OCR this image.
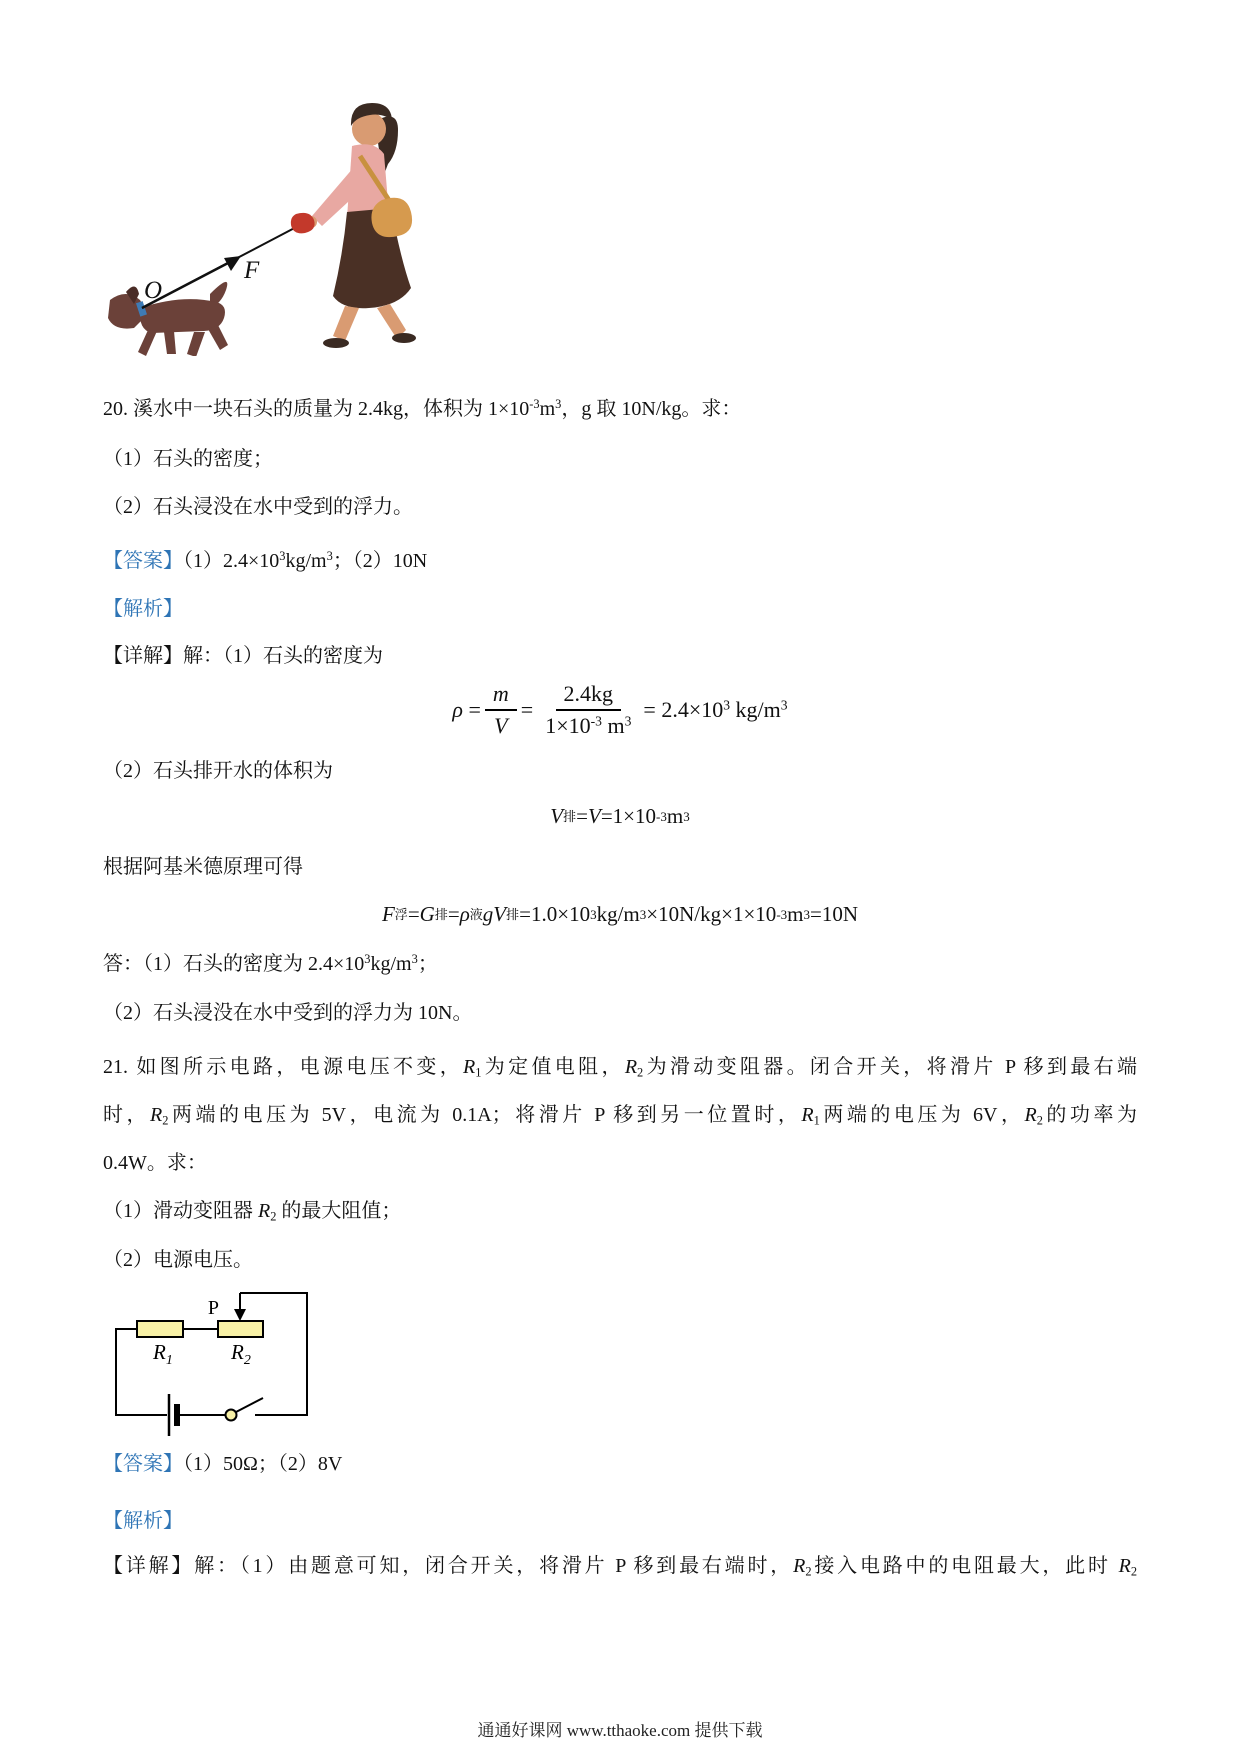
O
F
20. 溪水中一块石头的质量为 2.4kg，体积为 $1\times 10^{-3}m^3$，g 取 10N/kg。求：
（1）石头的密度；
（2）石头浸没在水中受到的浮力。
【答案】$(1)2.4\times 10^3kg/m^3$；（2）10N
【解析】
【详解】解：（1）石头的密度为
$\rho = \frac{m}{V} = \frac{2.4kg}{1\times 10^{-3} m^3} = 2.4\times 10^3$ $kg/m^3$
（2）石头排开水的体积为
V 排 = V =1×10 -3 m 3
根据阿基米德原理可得
F 浮 = G 排 = ρ 液 g V 排 =1.0×10 3 kg/m 3 ×10N/kg×1×10 -3 m 3 =10N
答：（1）石头的密度为 $2.4\times 10^3kg/m^3$；
（2）石头浸没在水中受到的浮力为 10N。
21. 如图所示电路，电源电压不变，$R_1$为定值电阻，$R_2$为滑动变阻器。闭合开关，将滑片 P 移到最右端
时，$R_2$两端的电压为 5V，电流为 0.1A；将滑片 P 移到另一位置时，$R_1$两端的电压为 6V，$R_2$的功率为
0.4W。求：
（1）滑动变阻器 $R_2$ 的最大阻值；
（2）电源电压。
$R_1$	$R_2$
P
【答案】（1）50Ω；（2）8V
【解析】
【详解】解：（1）由题意可知，闭合开关，将滑片 P 移到最右端时，$R_2$接入电路中的电阻最大，此时 $R_2$
通通好课网 www.tthaoke.com 提供下载
